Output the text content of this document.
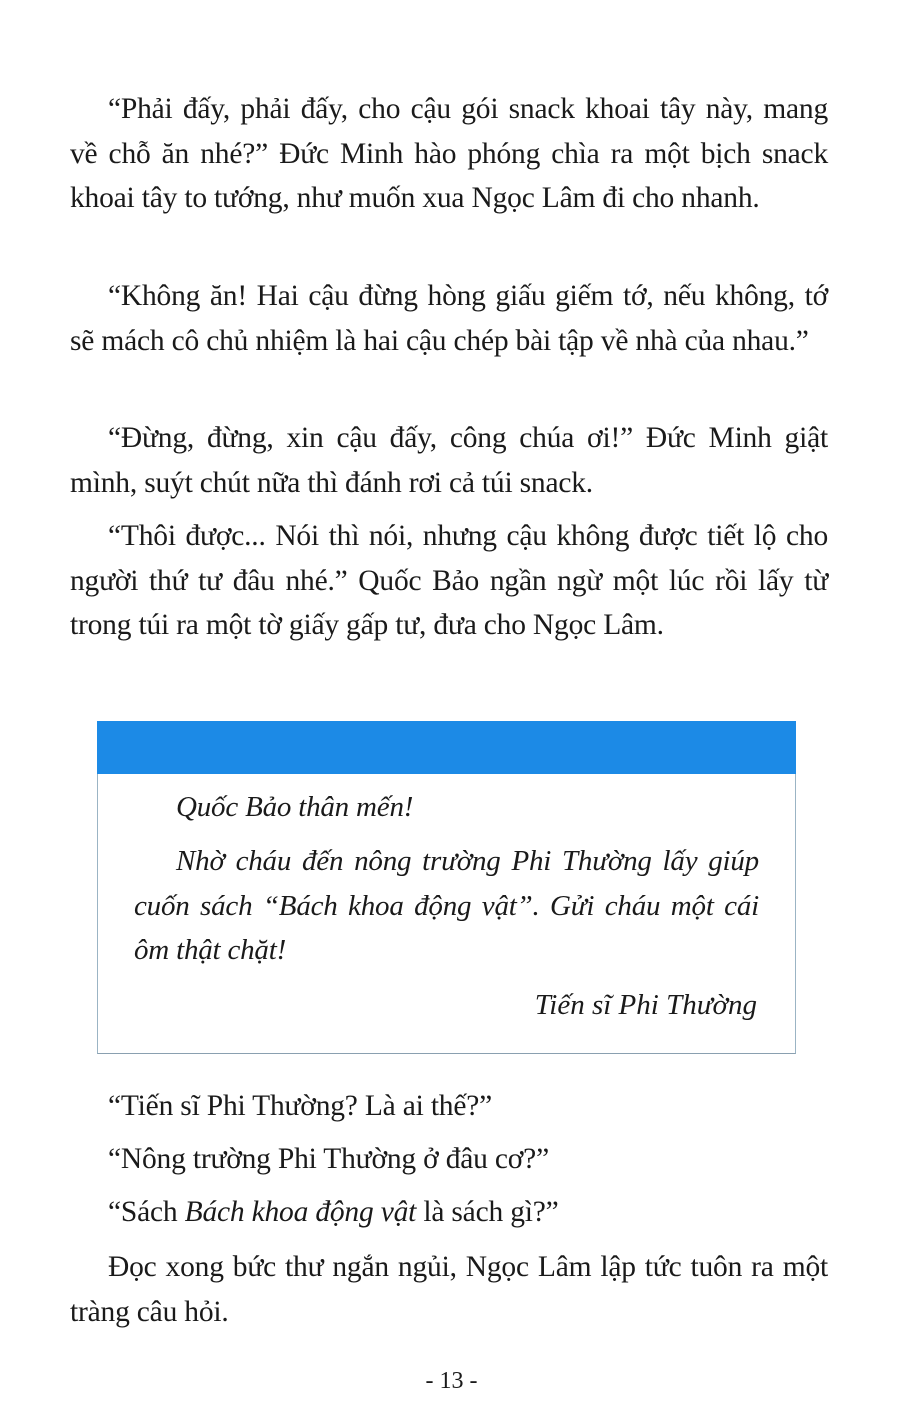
“Phải đấy, phải đấy, cho cậu gói snack khoai tây này, mang về chỗ ăn nhé?” Đức Minh hào phóng chìa ra một bịch snack khoai tây to tướng, như muốn xua Ngọc Lâm đi cho nhanh.

“Không ăn! Hai cậu đừng hòng giấu giếm tớ, nếu không, tớ sẽ mách cô chủ nhiệm là hai cậu chép bài tập về nhà của nhau.”

“Đừng, đừng, xin cậu đấy, công chúa ơi!” Đức Minh giật mình, suýt chút nữa thì đánh rơi cả túi snack.

“Thôi được... Nói thì nói, nhưng cậu không được tiết lộ cho người thứ tư đâu nhé.” Quốc Bảo ngần ngừ một lúc rồi lấy từ trong túi ra một tờ giấy gấp tư, đưa cho Ngọc Lâm.

Quốc Bảo thân mến!

Nhờ cháu đến nông trường Phi Thường lấy giúp cuốn sách “Bách khoa động vật”. Gửi cháu một cái ôm thật chặt!

Tiến sĩ Phi Thường

“Tiến sĩ Phi Thường? Là ai thế?”

“Nông trường Phi Thường ở đâu cơ?”

“Sách Bách khoa động vật là sách gì?”

Đọc xong bức thư ngắn ngủi, Ngọc Lâm lập tức tuôn ra một tràng câu hỏi.

- 13 -
